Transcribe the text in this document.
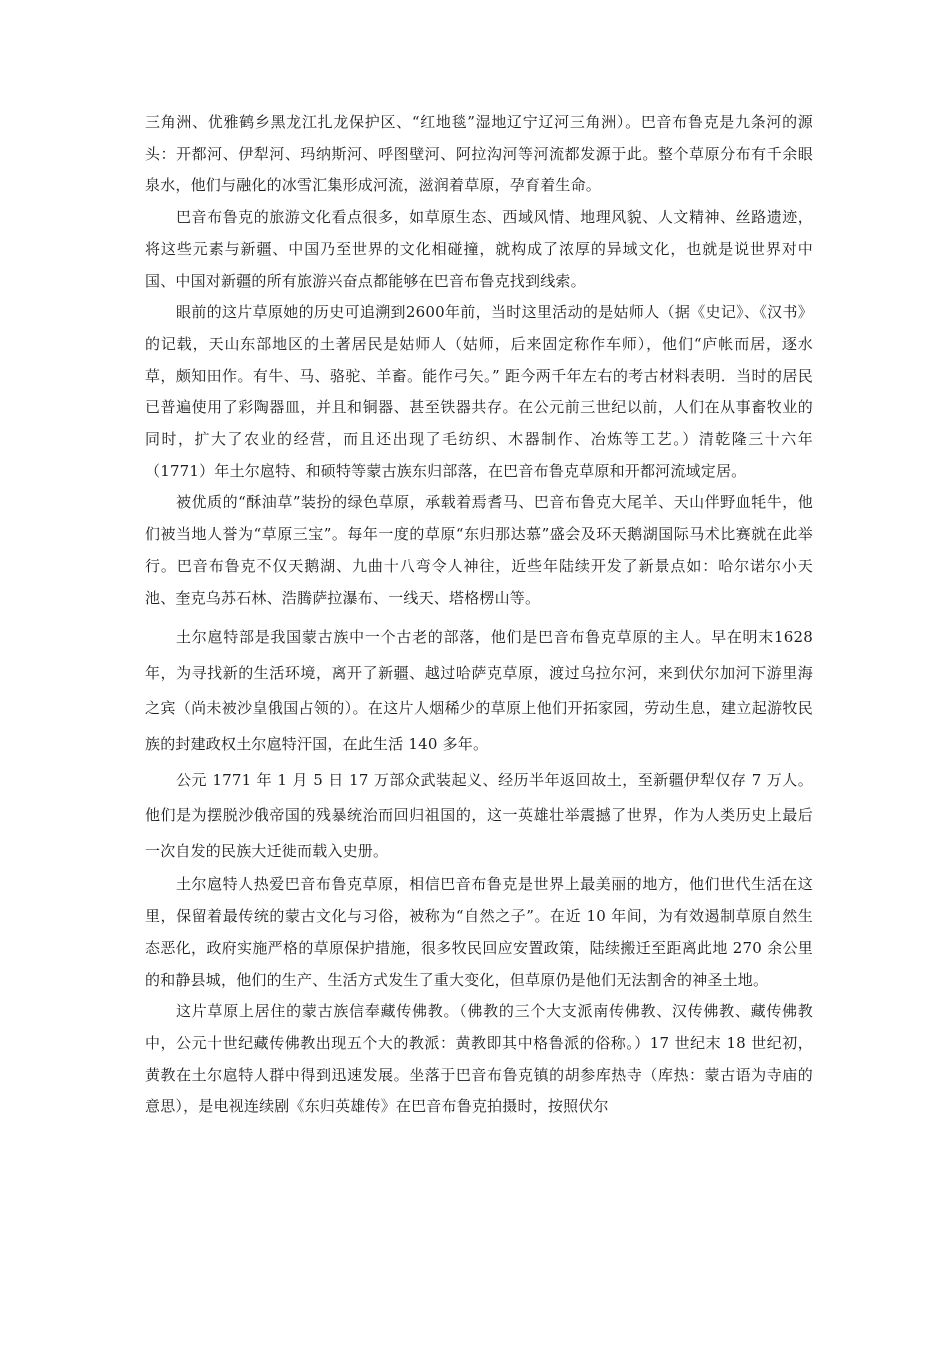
三角洲、优雅鹤乡黑龙江扎龙保护区、“红地毯”湿地辽宁辽河三角洲）。巴音布鲁克是九条河的源头：开都河、伊犁河、玛纳斯河、呼图壁河、阿拉沟河等河流都发源于此。整个草原分布有千余眼泉水，他们与融化的冰雪汇集形成河流，滋润着草原，孕育着生命。

巴音布鲁克的旅游文化看点很多，如草原生态、西域风情、地理风貌、人文精神、丝路遗迹，将这些元素与新疆、中国乃至世界的文化相碰撞，就构成了浓厚的异域文化，也就是说世界对中国、中国对新疆的所有旅游兴奋点都能够在巴音布鲁克找到线索。

眼前的这片草原她的历史可追溯到2600年前，当时这里活动的是姑师人（据《史记》、《汉书》的记载，天山东部地区的土著居民是姑师人（姑师，后来固定称作车师），他们“庐帐而居，逐水草，颇知田作。有牛、马、骆驼、羊畜。能作弓矢。” 距今两千年左右的考古材料表明．当时的居民已普遍使用了彩陶器皿，并且和铜器、甚至铁器共存。在公元前三世纪以前，人们在从事畜牧业的同时，扩大了农业的经营，而且还出现了毛纺织、木器制作、冶炼等工艺。）清乾隆三十六年（1771）年土尔扈特、和硕特等蒙古族东归部落，在巴音布鲁克草原和开都河流域定居。

被优质的“酥油草”装扮的绿色草原，承载着焉耆马、巴音布鲁克大尾羊、天山伴野血牦牛，他们被当地人誉为“草原三宝”。每年一度的草原“东归那达慕”盛会及环天鹅湖国际马术比赛就在此举行。巴音布鲁克不仅天鹅湖、九曲十八弯令人神往，近些年陆续开发了新景点如：哈尔诺尔小天池、奎克乌苏石林、浩腾萨拉瀑布、一线天、塔格楞山等。

土尔扈特部是我国蒙古族中一个古老的部落，他们是巴音布鲁克草原的主人。早在明末1628 年，为寻找新的生活环境，离开了新疆、越过哈萨克草原，渡过乌拉尔河，来到伏尔加河下游里海之宾（尚未被沙皇俄国占领的）。在这片人烟稀少的草原上他们开拓家园，劳动生息，建立起游牧民族的封建政权土尔扈特汗国，在此生活 140 多年。

公元 1771 年 1 月 5 日 17 万部众武装起义、经历半年返回故土，至新疆伊犁仅存 7 万人。他们是为摆脱沙俄帝国的残暴统治而回归祖国的，这一英雄壮举震撼了世界，作为人类历史上最后一次自发的民族大迁徙而载入史册。

土尔扈特人热爱巴音布鲁克草原，相信巴音布鲁克是世界上最美丽的地方，他们世代生活在这里，保留着最传统的蒙古文化与习俗，被称为“自然之子”。在近 10 年间，为有效遏制草原自然生态恶化，政府实施严格的草原保护措施，很多牧民回应安置政策，陆续搬迁至距离此地 270 余公里的和静县城，他们的生产、生活方式发生了重大变化，但草原仍是他们无法割舍的神圣土地。

这片草原上居住的蒙古族信奉藏传佛教。（佛教的三个大支派南传佛教、汉传佛教、藏传佛教中，公元十世纪藏传佛教出现五个大的教派：黄教即其中格鲁派的俗称。）17 世纪末 18 世纪初，黄教在土尔扈特人群中得到迅速发展。坐落于巴音布鲁克镇的胡参库热寺（库热：蒙古语为寺庙的意思），是电视连续剧《东归英雄传》在巴音布鲁克拍摄时，按照伏尔
